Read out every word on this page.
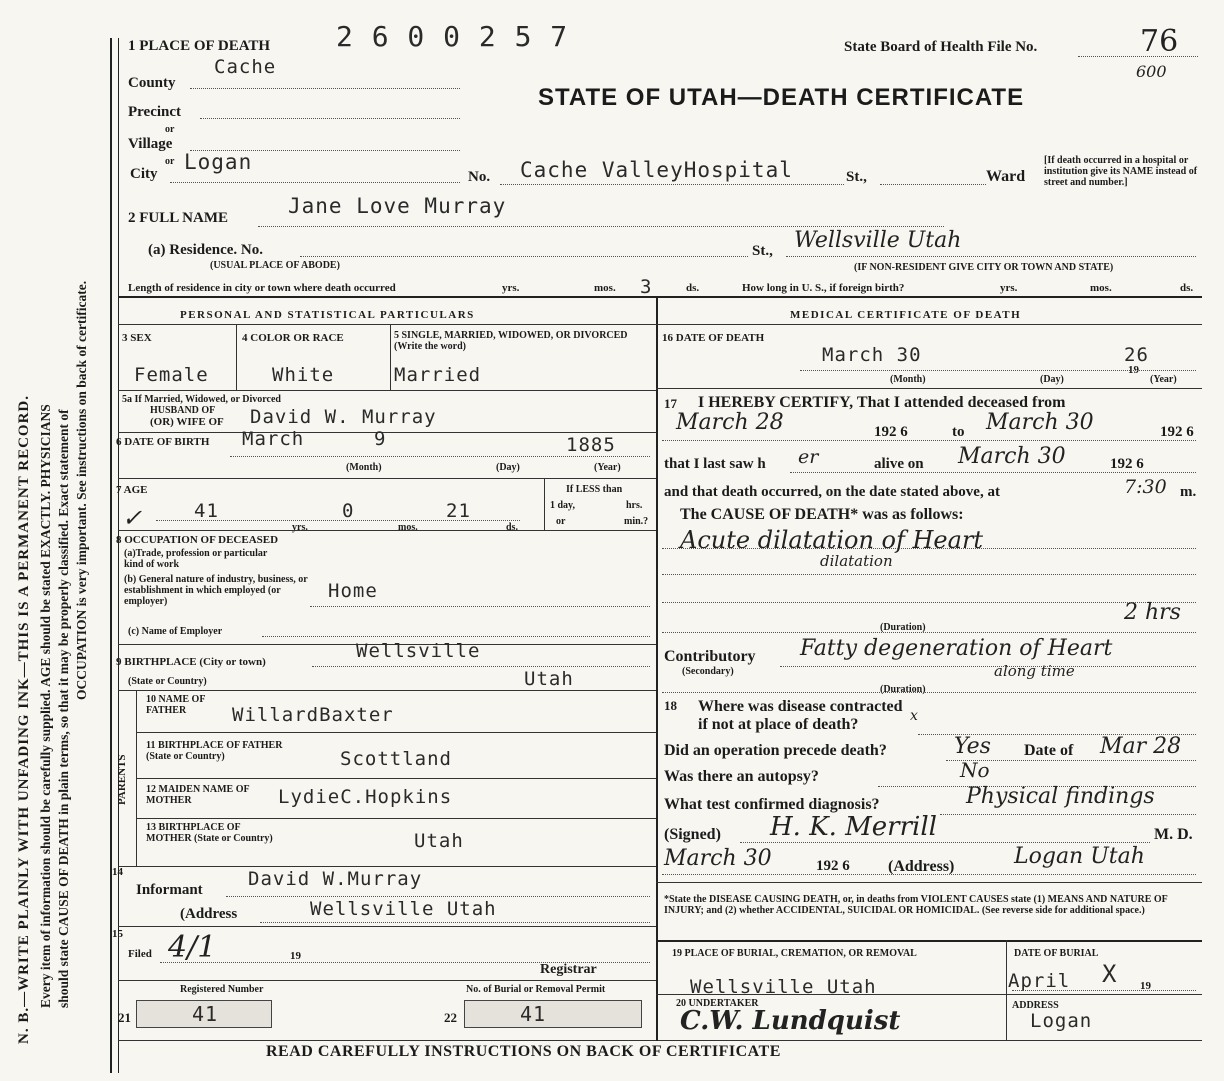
N. B.—WRITE PLAINLY WITH UNFADING INK—THIS IS A PERMANENT RECORD. Every item of information should be carefully supplied. AGE should be stated EXACTLY. PHYSICIANS should state CAUSE OF DEATH in plain terms, so that it may be properly classified. Exact statement of OCCUPATION is very important. See instructions on back of certificate.
1 PLACE OF DEATH 2 6 0 0 2 5 7	State Board of Health File No.	76
600
STATE OF UTAH—DEATH CERTIFICATE
County
Cache
Precinct
or
Village
or
City Logan
No. Cache ValleyHospital	St.,	Ward
[If death occurred in a hospital or institution give its NAME instead of street and number.]
2 FULL NAME	Jane Love Murray
(a) Residence. No.
(USUAL PLACE OF ABODE)
St., Wellsville Utah
(IF NON-RESIDENT GIVE CITY OR TOWN AND STATE)
Length of residence in city or town where death occurred	yrs.	mos. 3	ds.	How long in U. S., if foreign birth?	yrs.	mos.	ds.
PERSONAL AND STATISTICAL PARTICULARS
3 SEX
Female
4 COLOR OR RACE
White
5 SINGLE, MARRIED, WIDOWED, OR DIVORCED (Write the word)
Married
5a If Married, Widowed, or Divorced
HUSBAND OF
(OR) WIFE OF David W. Murray
6 DATE OF BIRTH March	9	1885
(Month)	(Day)	(Year)
7 AGE
✓	41
yrs.
0
mos.
21
ds.
If LESS than
1 day,	hrs.
or	min.?
8 OCCUPATION OF DECEASED
(a)Trade, profession or particular kind of work
(b) General nature of industry, business, or establishment in which employed (or employer)	Home
(c) Name of Employer
9 BIRTHPLACE (City or town)	Wellsville
(State or Country)	Utah
PARENTS
10 NAME OF FATHER	WillardBaxter
11 BIRTHPLACE OF FATHER (State or Country)	Scottland
12 MAIDEN NAME OF MOTHER	LydieC.Hopkins
13 BIRTHPLACE OF MOTHER (State or Country)	Utah
14
Informant David W.Murray
(Address	Wellsville Utah
15
Filed 4/1	19
Registrar
Registered Number	No. of Burial or Removal Permit
21	41	22	41
MEDICAL CERTIFICATE OF DEATH
16 DATE OF DEATH
March 30
19
26
(Month)	(Day)	(Year)
17 I HEREBY CERTIFY, That I attended deceased from
March 28	192 6	to March 30	192 6
that I last saw h er	alive on March 30	192 6
and that death occurred, on the date stated above, at	7:30 m.
The CAUSE OF DEATH* was as follows:
Acute dilatation of Heart
dilatation
(Duration)
2 hrs
Contributory
(Secondary)
Fatty degeneration of Heart
along time
(Duration)
18 Where was disease contracted
if not at place of death?	x
Did an operation precede death?	Yes Date of Mar 28
Was there an autopsy?	No
What test confirmed diagnosis?	Physical findings
(Signed) H. K. Merrill	M. D.
March 30	192 6 (Address)	Logan Utah
*State the DISEASE CAUSING DEATH, or, in deaths from VIOLENT CAUSES state (1) MEANS AND NATURE OF INJURY; and (2) whether ACCIDENTAL, SUICIDAL OR HOMICIDAL. (See reverse side for additional space.)
19 PLACE OF BURIAL, CREMATION, OR REMOVAL	DATE OF BURIAL
Wellsville Utah	April X 19
20 UNDERTAKER
C.W. Lundquist
ADDRESS
Logan
READ CAREFULLY INSTRUCTIONS ON BACK OF CERTIFICATE
